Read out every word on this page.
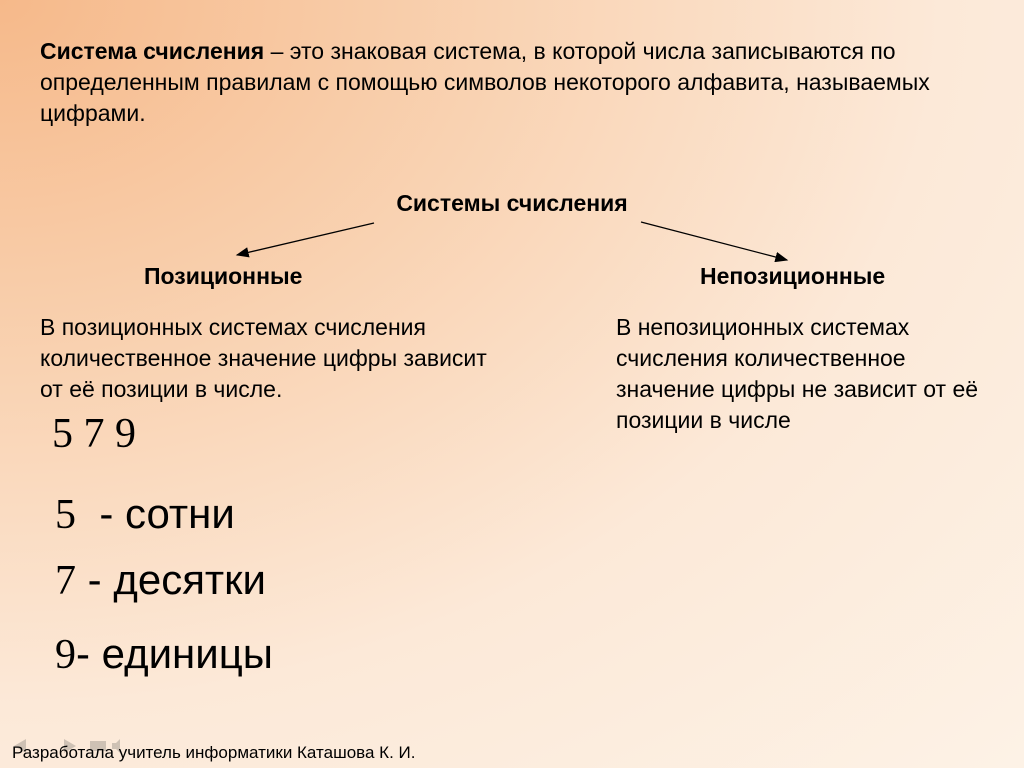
Система счисления – это знаковая система, в которой числа записываются по определенным правилам с помощью символов некоторого алфавита, называемых цифрами.
Системы счисления
Позиционные	Непозиционные
В позиционных системах счисления количественное значение цифры зависит от её позиции в числе.
В непозиционных системах счисления количественное значение цифры не зависит от её позиции в числе
5 7 9
5  - сотни
7 - десятки
9- единицы
Разработала учитель информатики Каташова К. И.
